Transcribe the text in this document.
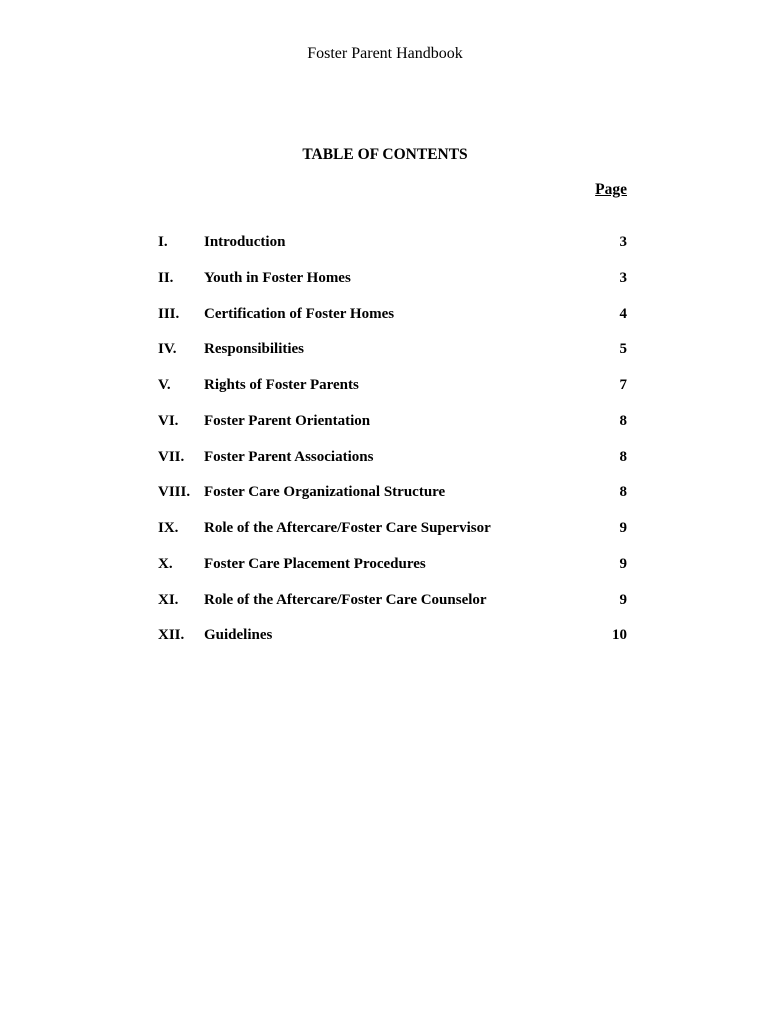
Foster Parent Handbook
TABLE OF CONTENTS
Page
I. Introduction	3
II. Youth in Foster Homes	3
III. Certification of Foster Homes	4
IV. Responsibilities	5
V. Rights of Foster Parents	7
VI. Foster Parent Orientation	8
VII. Foster Parent Associations	8
VIII. Foster Care Organizational Structure	8
IX. Role of the Aftercare/Foster Care Supervisor	9
X. Foster Care Placement Procedures	9
XI. Role of the Aftercare/Foster Care Counselor	9
XII. Guidelines	10
